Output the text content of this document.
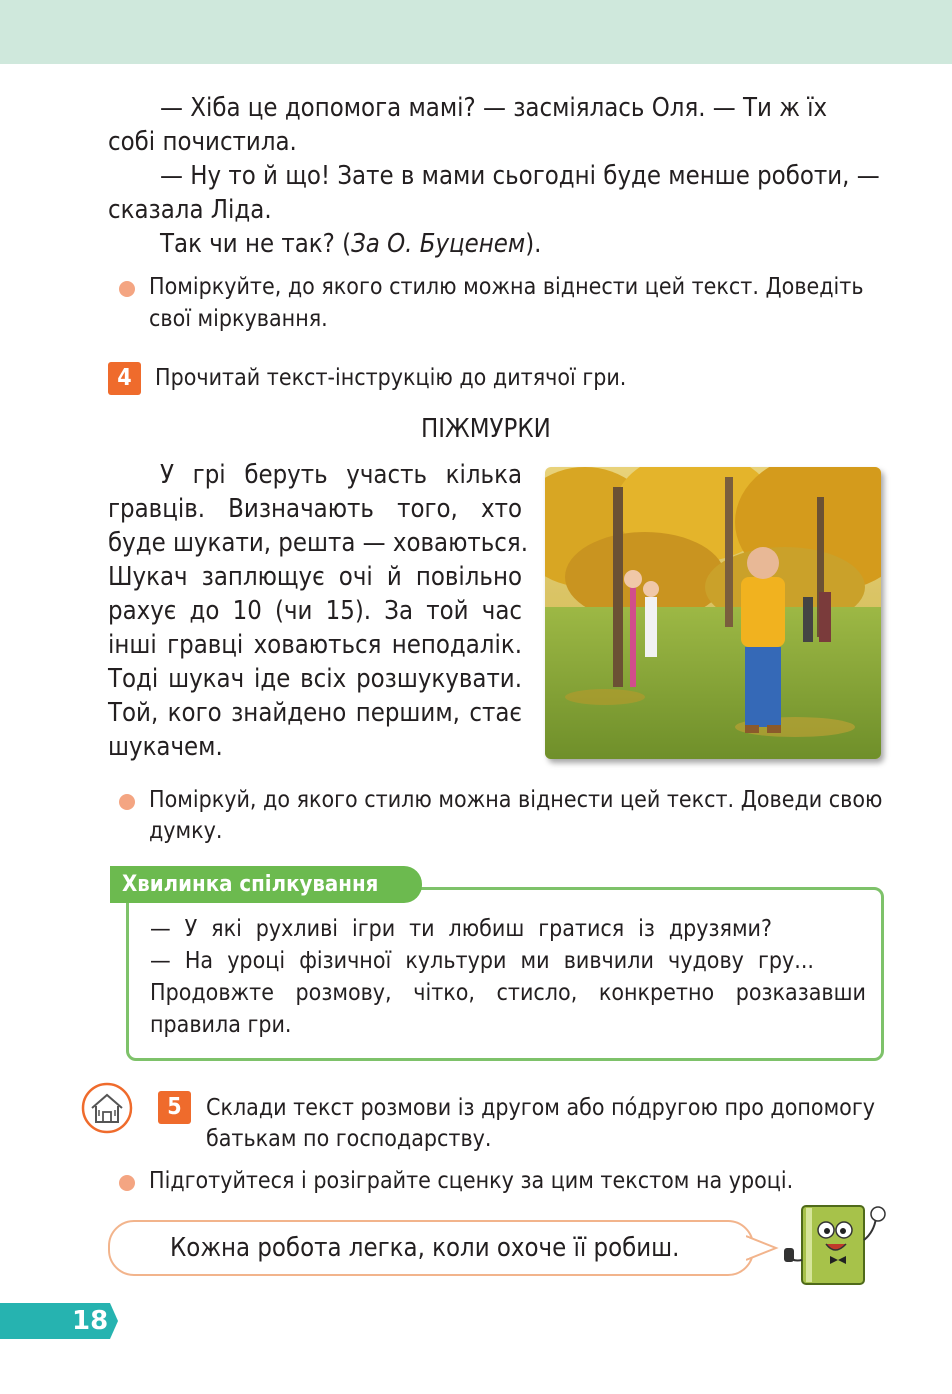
— Хіба це допомога мамі? — засміялась Оля. — Ти ж їх

собі почистила.

— Ну то й що! Зате в мами сьогодні буде менше роботи, —

сказала Ліда.

Так чи не так? (За О. Буценем).

Поміркуйте, до якого стилю можна віднести цей текст. Доведіть

свої міркування.

4	Прочитай текст-інструкцію до дитячої гри.

ПІЖМУРКИ

У грі беруть участь кілька

гравців. Визначають того, хто

буде шукати, решта — ховаються.

Шукач заплющує очі й повільно

рахує до 10 (чи 15). За той час

інші гравці ховаються неподалік.

Тоді шукач іде всіх розшукувати.

Той, кого знайдено першим, стає

шукачем.

Поміркуй, до якого стилю можна віднести цей текст. Доведи свою

думку.

Хвилинка спілкування

— У які рухливі ігри ти любиш гратися із друзями?

— На уроці фізичної культури ми вивчили чудову гру...

Продовжте розмову, чітко, стисло, конкретно розказавши

правила гри.

5	Склади текст розмови із другом або по́другою про допомогу

батькам по господарству.

Підготуйтеся і розіграйте сценку за цим текстом на уроці.

Кожна робота легка, коли охоче її робиш.

18
